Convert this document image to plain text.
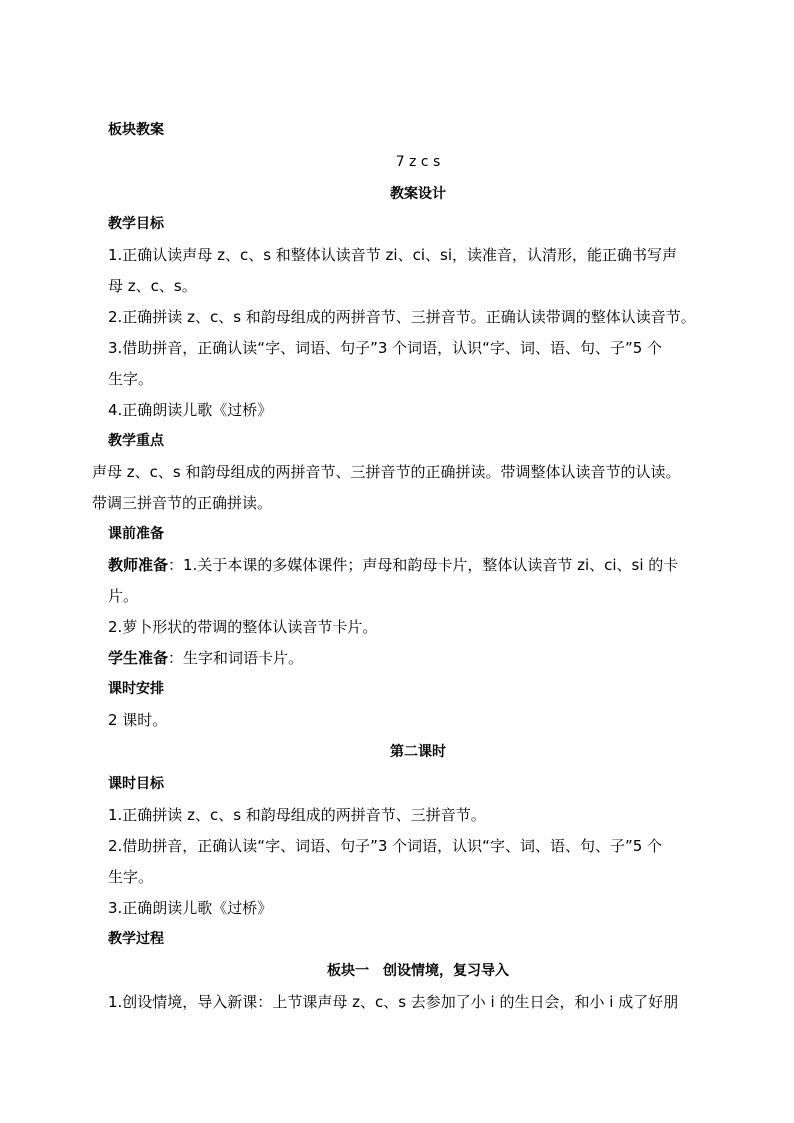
板块教案
7 z c s
教案设计
教学目标
1.正确认读声母 z、c、s 和整体认读音节 zi、ci、si，读准音，认清形，能正确书写声
母 z、c、s。
2.正确拼读 z、c、s 和韵母组成的两拼音节、三拼音节。正确认读带调的整体认读音节。
3.借助拼音，正确认读“字、词语、句子”3 个词语，认识“字、词、语、句、子”5 个
生字。
4.正确朗读儿歌《过桥》
教学重点
声母 z、c、s 和韵母组成的两拼音节、三拼音节的正确拼读。带调整体认读音节的认读。
带调三拼音节的正确拼读。
课前准备
教师准备：1.关于本课的多媒体课件；声母和韵母卡片，整体认读音节 zi、ci、si 的卡
片。
2.萝卜形状的带调的整体认读音节卡片。
学生准备：生字和词语卡片。
课时安排
2 课时。
第二课时
课时目标
1.正确拼读 z、c、s 和韵母组成的两拼音节、三拼音节。
2.借助拼音，正确认读“字、词语、句子”3 个词语，认识“字、词、语、句、子”5 个
生字。
3.正确朗读儿歌《过桥》
教学过程
板块一　创设情境，复习导入
1.创设情境，导入新课：上节课声母 z、c、s 去参加了小 i 的生日会，和小 i 成了好朋
